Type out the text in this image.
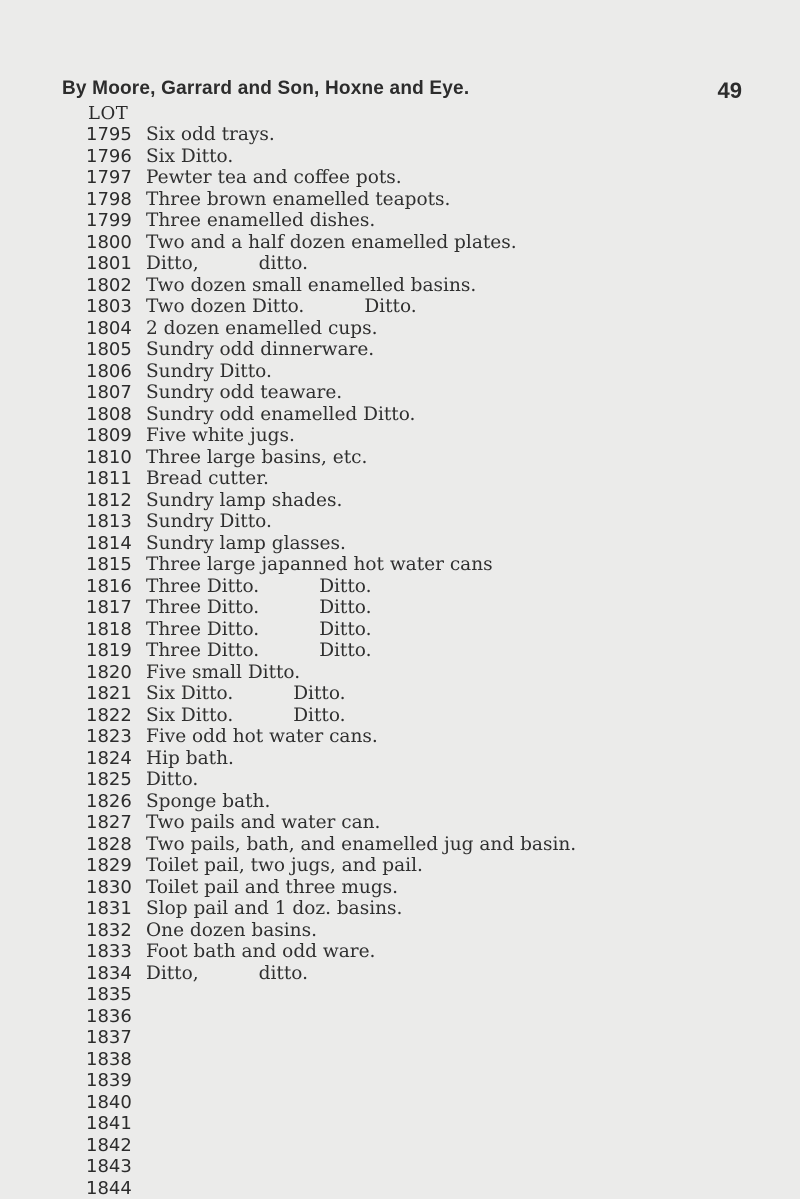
By Moore, Garrard and Son, Hoxne and Eye.	49
LOT
1795 Six odd trays.
1796 Six Ditto.
1797 Pewter tea and coffee pots.
1798 Three brown enamelled teapots.
1799 Three enamelled dishes.
1800 Two and a half dozen enamelled plates.
1801 Ditto,	ditto.
1802 Two dozen small enamelled basins.
1803 Two dozen Ditto.	Ditto.
1804 2 dozen enamelled cups.
1805 Sundry odd dinnerware.
1806 Sundry Ditto.
1807 Sundry odd teaware.
1808 Sundry odd enamelled Ditto.
1809 Five white jugs.
1810 Three large basins, etc.
1811 Bread cutter.
1812 Sundry lamp shades.
1813 Sundry Ditto.
1814 Sundry lamp glasses.
1815 Three large japanned hot water cans
1816 Three Ditto.	Ditto.
1817 Three Ditto.	Ditto.
1818 Three Ditto.	Ditto.
1819 Three Ditto.	Ditto.
1820 Five small Ditto.
1821 Six Ditto.	Ditto.
1822 Six Ditto.	Ditto.
1823 Five odd hot water cans.
1824 Hip bath.
1825 Ditto.
1826 Sponge bath.
1827 Two pails and water can.
1828 Two pails, bath, and enamelled jug and basin.
1829 Toilet pail, two jugs, and pail.
1830 Toilet pail and three mugs.
1831 Slop pail and 1 doz. basins.
1832 One dozen basins.
1833 Foot bath and odd ware.
1834 Ditto,	ditto.
1835
1836
1837
1838
1839
1840
1841
1842
1843
1844
